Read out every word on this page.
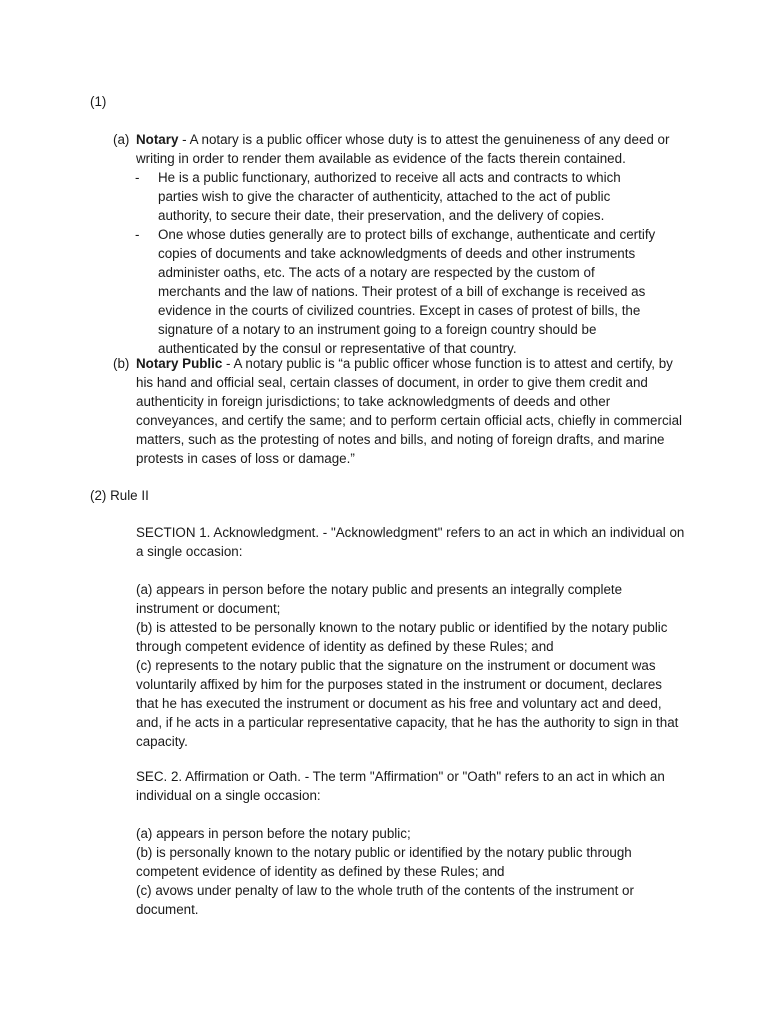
(1)
(a) Notary - A notary is a public officer whose duty is to attest the genuineness of any deed or writing in order to render them available as evidence of the facts therein contained.
- He is a public functionary, authorized to receive all acts and contracts to which parties wish to give the character of authenticity, attached to the act of public authority, to secure their date, their preservation, and the delivery of copies.
- One whose duties generally are to protect bills of exchange, authenticate and certify copies of documents and take acknowledgments of deeds and other instruments administer oaths, etc. The acts of a notary are respected by the custom of merchants and the law of nations. Their protest of a bill of exchange is received as evidence in the courts of civilized countries. Except in cases of protest of bills, the signature of a notary to an instrument going to a foreign country should be authenticated by the consul or representative of that country.
(b) Notary Public - A notary public is “a public officer whose function is to attest and certify, by his hand and official seal, certain classes of document, in order to give them credit and authenticity in foreign jurisdictions; to take acknowledgments of deeds and other conveyances, and certify the same; and to perform certain official acts, chiefly in commercial matters, such as the protesting of notes and bills, and noting of foreign drafts, and marine protests in cases of loss or damage.”
(2) Rule II
SECTION 1. Acknowledgment. - "Acknowledgment" refers to an act in which an individual on a single occasion:
(a) appears in person before the notary public and presents an integrally complete instrument or document;
(b) is attested to be personally known to the notary public or identified by the notary public through competent evidence of identity as defined by these Rules; and
(c) represents to the notary public that the signature on the instrument or document was voluntarily affixed by him for the purposes stated in the instrument or document, declares that he has executed the instrument or document as his free and voluntary act and deed, and, if he acts in a particular representative capacity, that he has the authority to sign in that capacity.
SEC. 2. Affirmation or Oath. - The term "Affirmation" or "Oath" refers to an act in which an individual on a single occasion:
(a) appears in person before the notary public;
(b) is personally known to the notary public or identified by the notary public through competent evidence of identity as defined by these Rules; and
(c) avows under penalty of law to the whole truth of the contents of the instrument or document.
